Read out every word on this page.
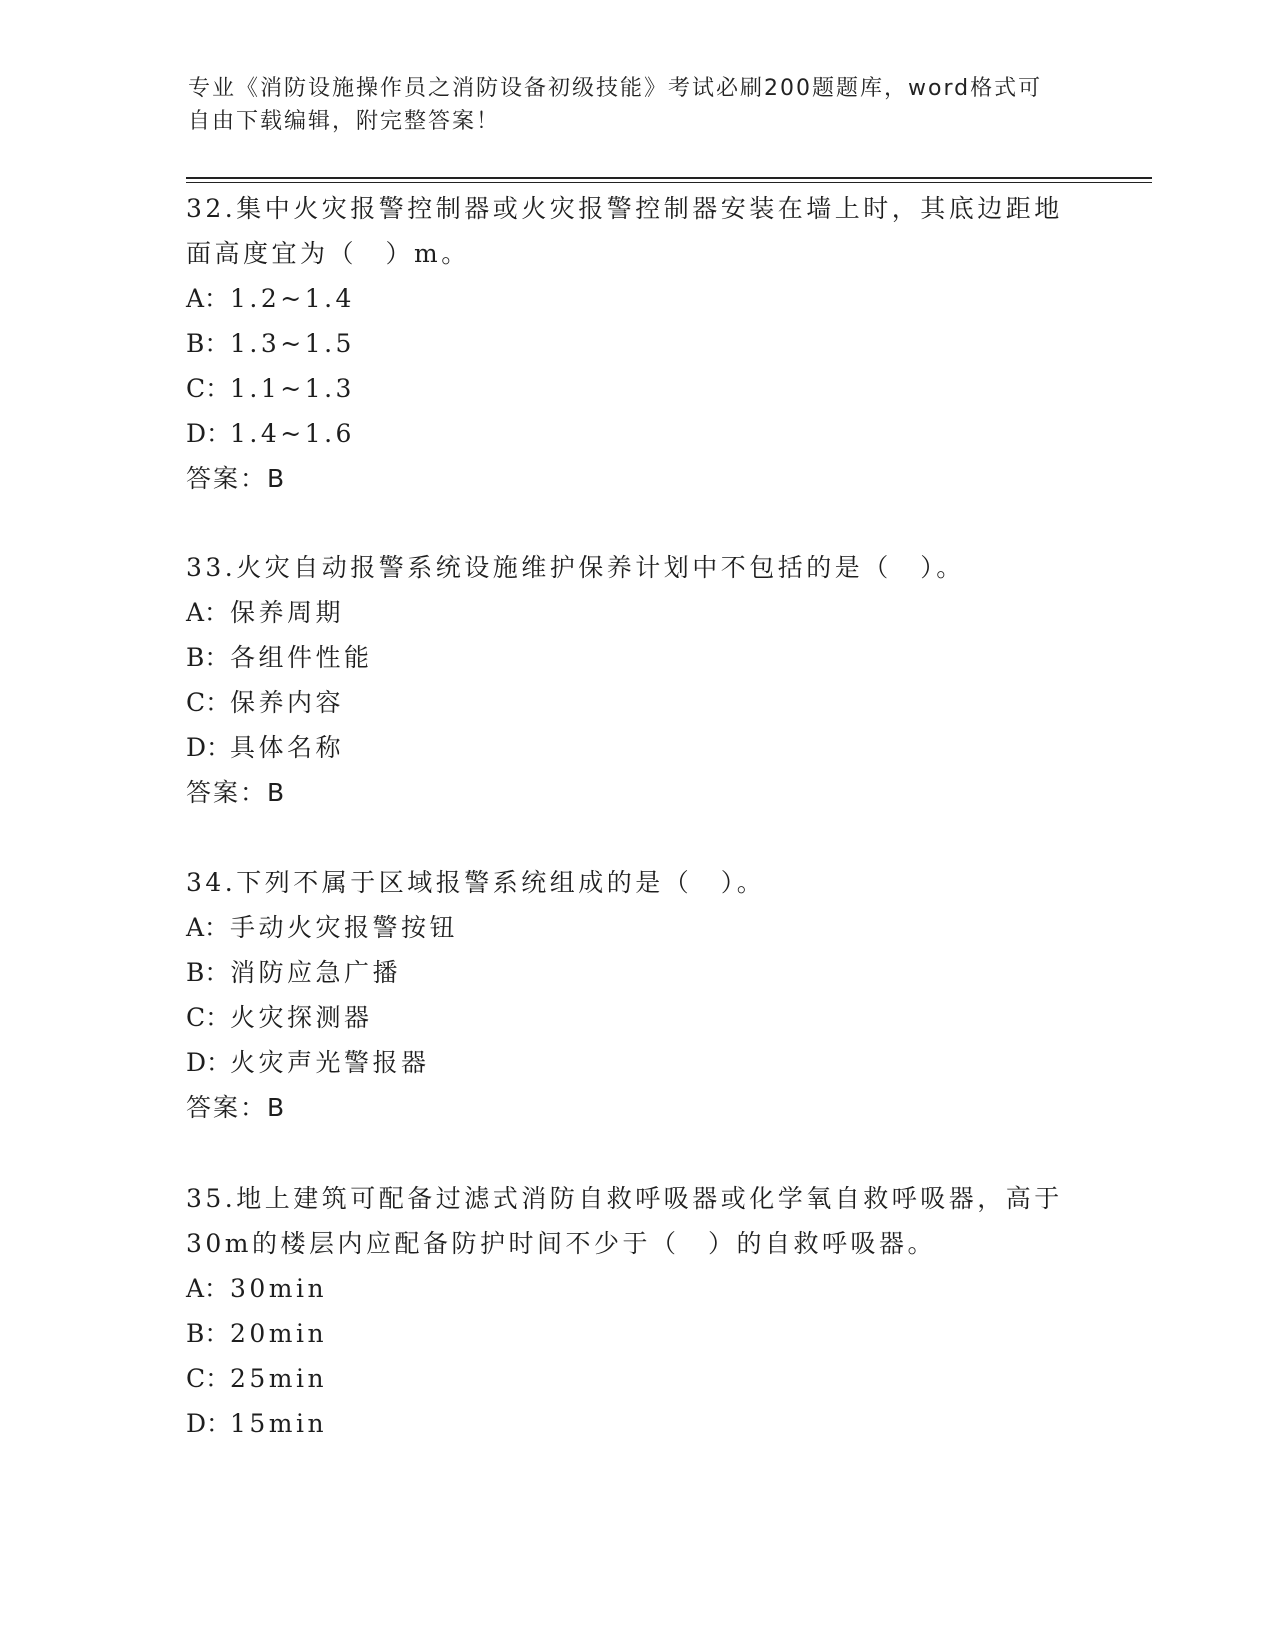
专业《消防设施操作员之消防设备初级技能》考试必刷200题题库，word格式可
自由下载编辑，附完整答案！

32.集中火灾报警控制器或火灾报警控制器安装在墙上时，其底边距地面高度宜为（　）m。

A：1.2~1.4
B：1.3~1.5
C：1.1~1.3
D：1.4~1.6
答案：B

33.火灾自动报警系统设施维护保养计划中不包括的是（　）。

A：保养周期
B：各组件性能
C：保养内容
D：具体名称
答案：B

34.下列不属于区域报警系统组成的是（　）。

A：手动火灾报警按钮
B：消防应急广播
C：火灾探测器
D：火灾声光警报器
答案：B

35.地上建筑可配备过滤式消防自救呼吸器或化学氧自救呼吸器，高于30m的楼层内应配备防护时间不少于（　）的自救呼吸器。

A：30min
B：20min
C：25min
D：15min
